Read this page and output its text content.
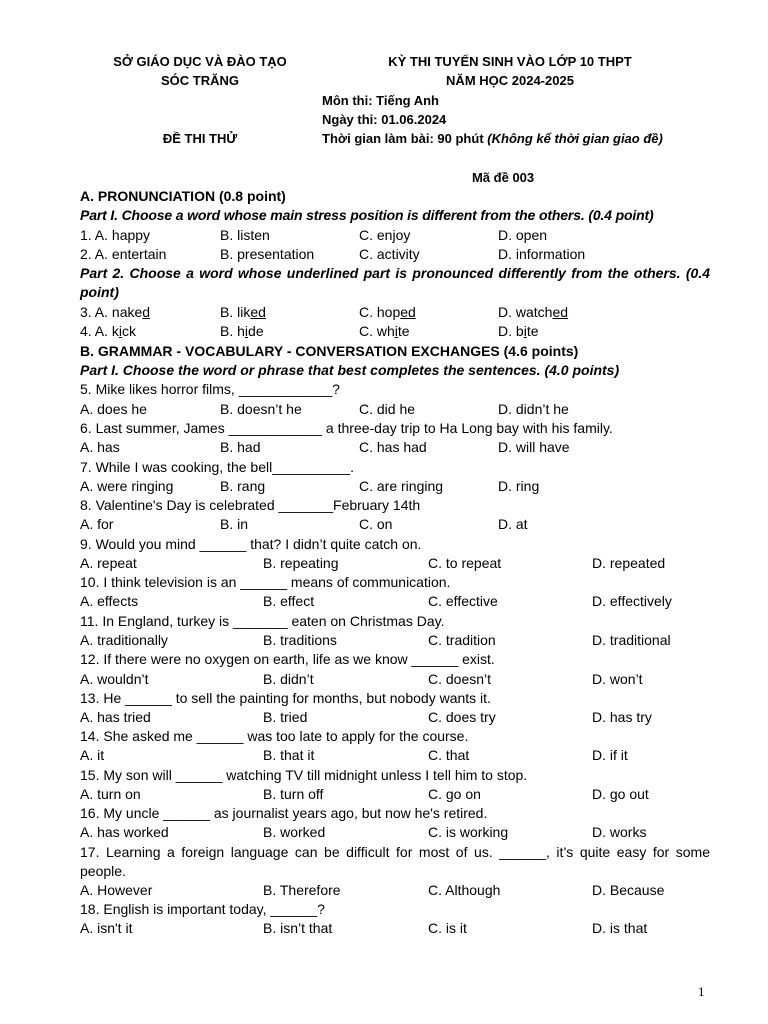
SỞ GIÁO DỤC VÀ ĐÀO TẠO
SÓC TRĂNG
KỲ THI TUYỂN SINH VÀO LỚP 10 THPT
NĂM HỌC 2024-2025
Môn thi: Tiếng Anh
Ngày thi: 01.06.2024
ĐỀ THI THỬ	Thời gian làm bài: 90 phút (Không kể thời gian giao đề)
Mã đề 003
A. PRONUNCIATION (0.8 point)
Part I. Choose a word whose main stress position is different from the others. (0.4 point)
1. A. happy	B. listen	C. enjoy	D. open
2. A. entertain	B. presentation	C. activity	D. information
Part 2. Choose a word whose underlined part is pronounced differently from the others. (0.4 point)
3. A. naked	B. liked	C. hoped	D. watched
4. A. kick	B. hide	C. white	D. bite
B. GRAMMAR - VOCABULARY - CONVERSATION EXCHANGES (4.6 points)
Part I. Choose the word or phrase that best completes the sentences. (4.0 points)
5. Mike likes horror films, ____________?
A. does he	B. doesn’t he	C. did he	D. didn’t he
6. Last summer, James ____________ a three-day trip to Ha Long bay with his family.
A. has	B. had	C. has had	D. will have
7. While I was cooking, the bell__________.
A. were ringing	B. rang	C. are ringing	D. ring
8. Valentine's Day is celebrated _______February 14th
A. for	B. in	C. on	D. at
9. Would you mind ______ that? I didn’t quite catch on.
A. repeat	B. repeating	C. to repeat	D. repeated
10. I think television is an ______ means of communication.
A. effects	B. effect	C. effective	D. effectively
11. In England, turkey is _______ eaten on Christmas Day.
A. traditionally	B. traditions	C. tradition	D. traditional
12. If there were no oxygen on earth, life as we know ______ exist.
A. wouldn’t	B. didn’t	C. doesn’t	D. won’t
13. He ______ to sell the painting for months, but nobody wants it.
A. has tried	B. tried	C. does try	D. has try
14. She asked me ______ was too late to apply for the course.
A. it	B. that it	C. that	D. if it
15. My son will ______ watching TV till midnight unless I tell him to stop.
A. turn on	B. turn off	C. go on	D. go out
16. My uncle ______ as journalist years ago, but now he's retired.
A. has worked	B. worked	C. is working	D. works
17. Learning a foreign language can be difficult for most of us. ______, it’s quite easy for some people.
A. However	B. Therefore	C. Although	D. Because
18. English is important today, ______?
A. isn't it	B. isn’t that	C. is it	D. is that
1
